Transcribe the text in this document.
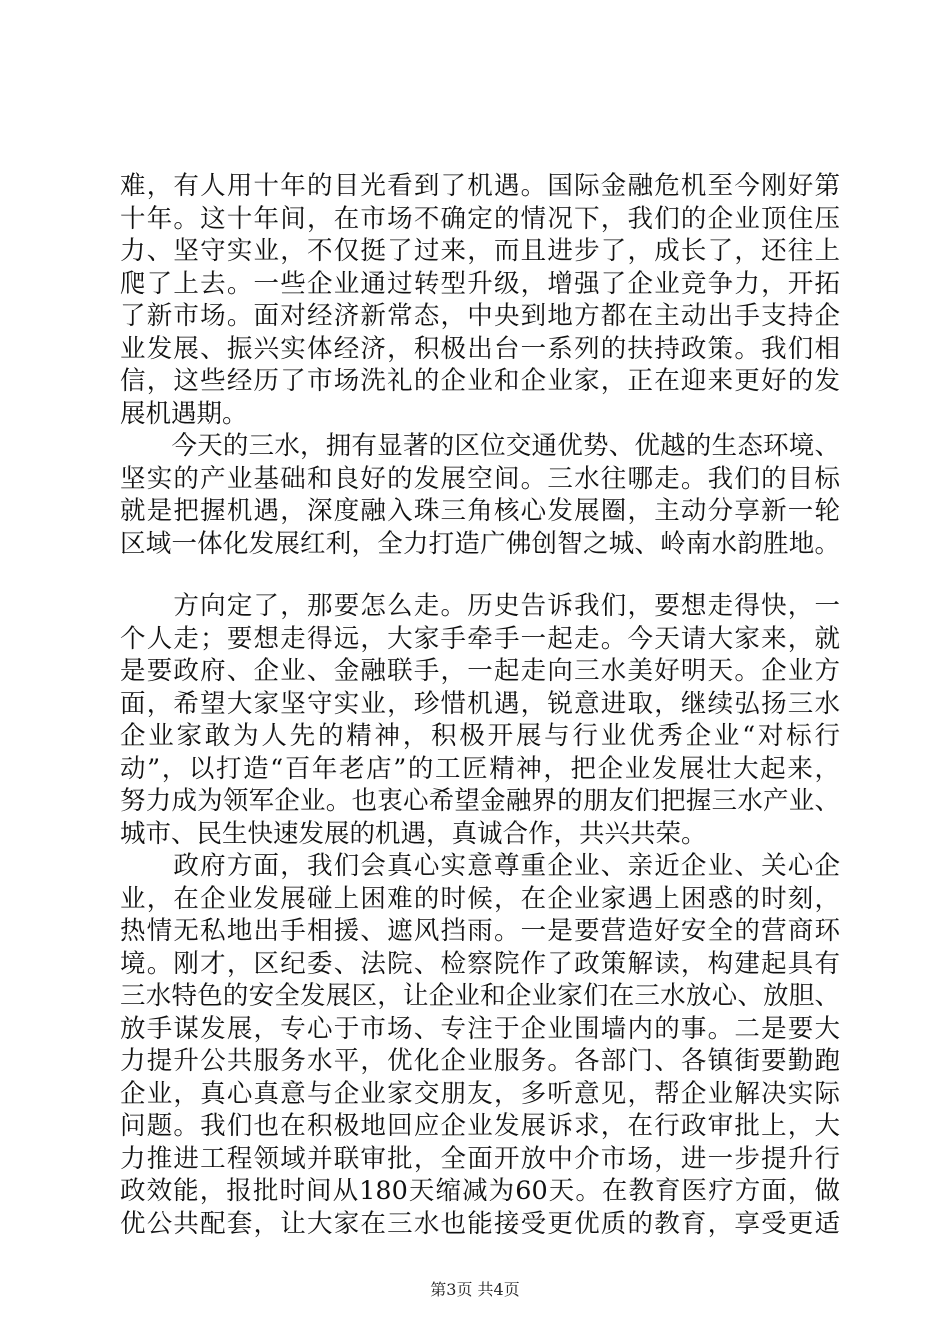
难，有人用十年的目光看到了机遇。国际金融危机至今刚好第
十年。这十年间，在市场不确定的情况下，我们的企业顶住压
力、坚守实业，不仅挺了过来，而且进步了，成长了，还往上
爬了上去。一些企业通过转型升级，增强了企业竞争力，开拓
了新市场。面对经济新常态，中央到地方都在主动出手支持企
业发展、振兴实体经济，积极出台一系列的扶持政策。我们相
信，这些经历了市场洗礼的企业和企业家，正在迎来更好的发
展机遇期。
　　今天的三水，拥有显著的区位交通优势、优越的生态环境、
坚实的产业基础和良好的发展空间。三水往哪走。我们的目标
就是把握机遇，深度融入珠三角核心发展圈，主动分享新一轮
区域一体化发展红利，全力打造广佛创智之城、岭南水韵胜地。
　　方向定了，那要怎么走。历史告诉我们，要想走得快，一
个人走；要想走得远，大家手牵手一起走。今天请大家来，就
是要政府、企业、金融联手，一起走向三水美好明天。企业方
面，希望大家坚守实业，珍惜机遇，锐意进取，继续弘扬三水
企业家敢为人先的精神，积极开展与行业优秀企业“对标行
动”，以打造“百年老店”的工匠精神，把企业发展壮大起来，
努力成为领军企业。也衷心希望金融界的朋友们把握三水产业、
城市、民生快速发展的机遇，真诚合作，共兴共荣。
　　政府方面，我们会真心实意尊重企业、亲近企业、关心企
业，在企业发展碰上困难的时候，在企业家遇上困惑的时刻，
热情无私地出手相援、遮风挡雨。一是要营造好安全的营商环
境。刚才，区纪委、法院、检察院作了政策解读，构建起具有
三水特色的安全发展区，让企业和企业家们在三水放心、放胆、
放手谋发展，专心于市场、专注于企业围墙内的事。二是要大
力提升公共服务水平，优化企业服务。各部门、各镇街要勤跑
企业，真心真意与企业家交朋友，多听意见，帮企业解决实际
问题。我们也在积极地回应企业发展诉求，在行政审批上，大
力推进工程领域并联审批，全面开放中介市场，进一步提升行
政效能，报批时间从180天缩减为60天。在教育医疗方面，做
优公共配套，让大家在三水也能接受更优质的教育，享受更适
第3页 共4页
